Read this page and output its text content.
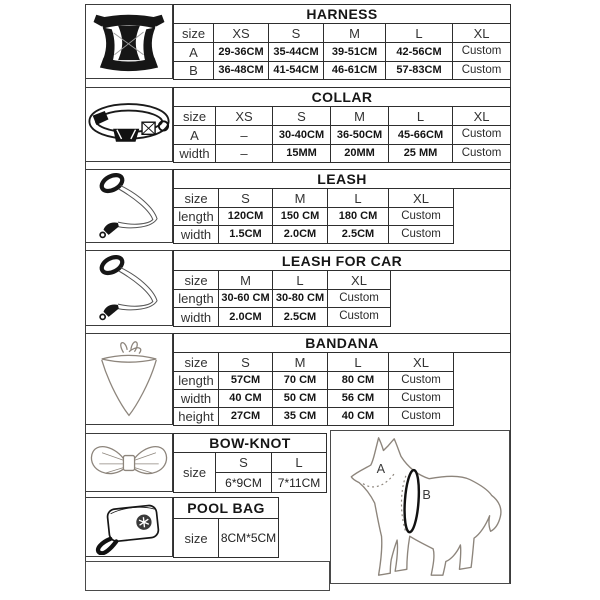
HARNESS					
size	XS	S	M	L	XL
A	29-36CM	35-44CM	39-51CM	42-56CM	Custom
B	36-48CM	41-54CM	46-61CM	57-83CM	Custom
COLLAR					
size	XS	S	M	L	XL
A	–	30-40CM	36-50CM	45-66CM	Custom
width	–	15MM	20MM	25 MM	Custom
LEASH					
size	S	M	L	XL	
length	120CM	150 CM	180 CM	Custom	
width	1.5CM	2.0CM	2.5CM	Custom	
LEASH FOR CAR				
size	M	L	XL	
length	30-60 CM	30-80 CM	Custom	
width	2.0CM	2.5CM	Custom	
BANDANA					
size	S	M	L	XL	
length	57CM	70 CM	80 CM	Custom	
width	40 CM	50 CM	56 CM	Custom	
height	27CM	35 CM	40 CM	Custom	
BOW-KNOT		
size	S	L
	6*9CM	7*11CM
POOL BAG
size	8CM*5CM
A
B
